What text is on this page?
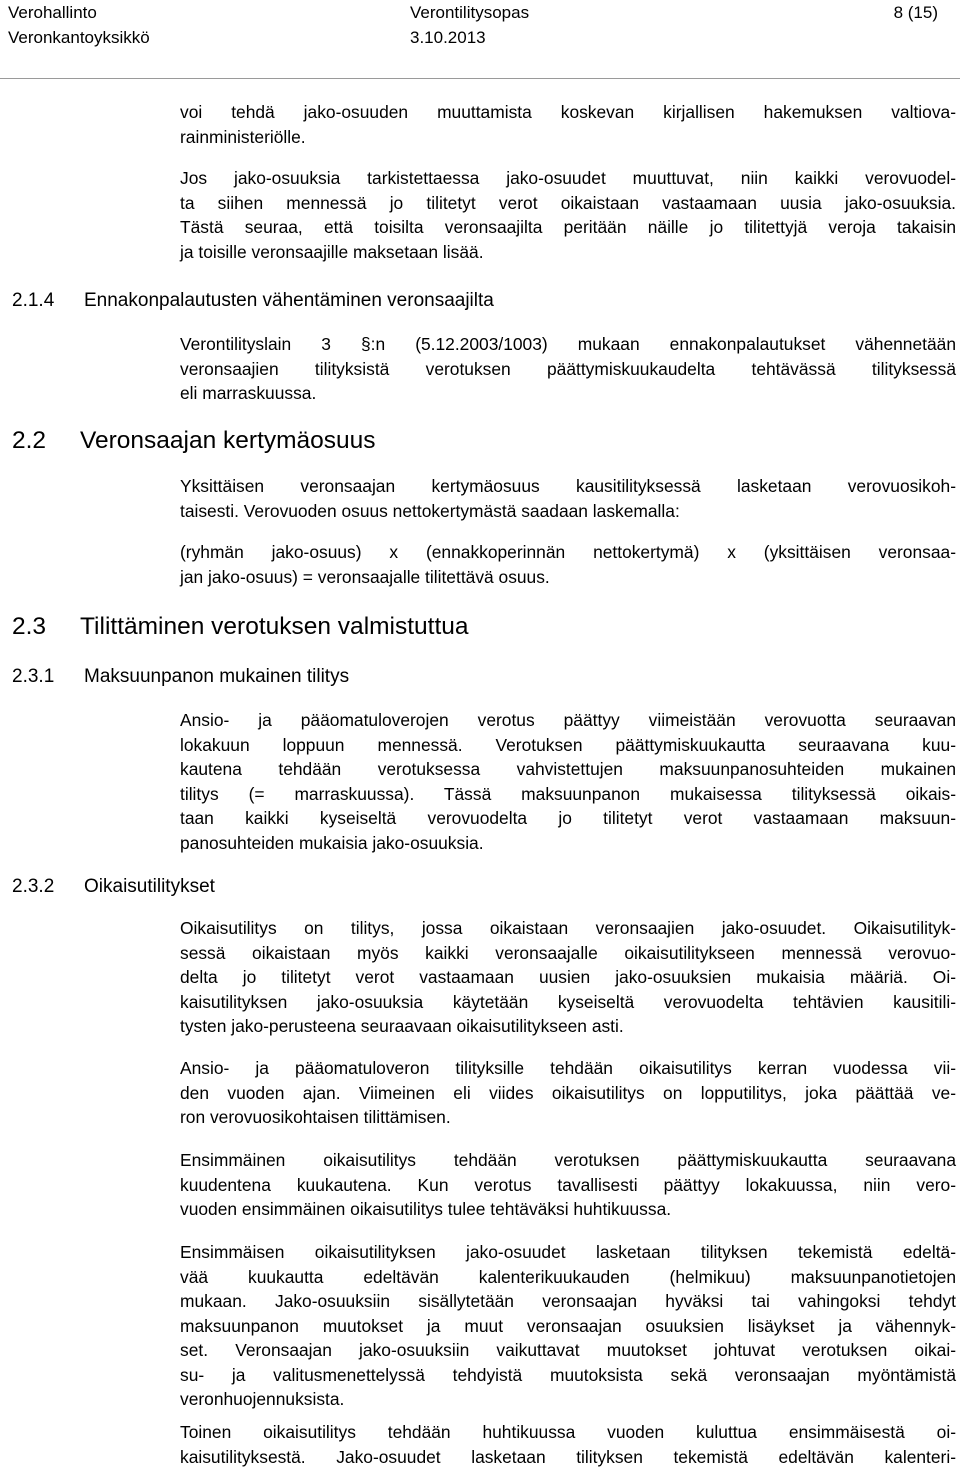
Verohallinto
Veronkantoyksikkö
Verontilitysopas
3.10.2013
8 (15)
voi tehdä jako-osuuden muuttamista koskevan kirjallisen hakemuksen valtiova-
rainministeriölle.
Jos jako-osuuksia tarkistettaessa jako-osuudet muuttuvat, niin kaikki verovuodel-
ta siihen mennessä jo tilitetyt verot oikaistaan vastaamaan uusia jako-osuuksia.
Tästä seuraa, että toisilta veronsaajilta peritään näille jo tilitettyjä veroja takaisin
ja toisille veronsaajille maksetaan lisää.
2.1.4 Ennakonpalautusten vähentäminen veronsaajilta
Verontilityslain 3 §:n (5.12.2003/1003) mukaan ennakonpalautukset vähennetään
veronsaajien tilityksistä verotuksen päättymiskuukaudelta tehtävässä tilityksessä
eli marraskuussa.
2.2 Veronsaajan kertymäosuus
Yksittäisen veronsaajan kertymäosuus kausitilityksessä lasketaan verovuosikoh-
taisesti. Verovuoden osuus nettokertymästä saadaan laskemalla:
(ryhmän jako-osuus) x (ennakkoperinnän nettokertymä) x (yksittäisen veronsaa-
jan jako-osuus) = veronsaajalle tilitettävä osuus.
2.3 Tilittäminen verotuksen valmistuttua
2.3.1 Maksuunpanon mukainen tilitys
Ansio- ja pääomatuloverojen verotus päättyy viimeistään verovuotta seuraavan
lokakuun loppuun mennessä. Verotuksen päättymiskuukautta seuraavana kuu-
kautena tehdään verotuksessa vahvistettujen maksuunpanosuhteiden mukainen
tilitys (= marraskuussa). Tässä maksuunpanon mukaisessa tilityksessä oikais-
taan kaikki kyseiseltä verovuodelta jo tilitetyt verot vastaamaan maksuun-
panosuhteiden mukaisia jako-osuuksia.
2.3.2 Oikaisutilitykset
Oikaisutilitys on tilitys, jossa oikaistaan veronsaajien jako-osuudet. Oikaisutilityk-
sessä oikaistaan myös kaikki veronsaajalle oikaisutilitykseen mennessä verovuo-
delta jo tilitetyt verot vastaamaan uusien jako-osuuksien mukaisia määriä. Oi-
kaisutilityksen jako-osuuksia käytetään kyseiseltä verovuodelta tehtävien kausitili-
tysten jako-perusteena seuraavaan oikaisutilitykseen asti.
Ansio- ja pääomatuloveron tilityksille tehdään oikaisutilitys kerran vuodessa vii-
den vuoden ajan. Viimeinen eli viides oikaisutilitys on lopputilitys, joka päättää ve-
ron verovuosikohtaisen tilittämisen.
Ensimmäinen oikaisutilitys tehdään verotuksen päättymiskuukautta seuraavana
kuudentena kuukautena. Kun verotus tavallisesti päättyy lokakuussa, niin vero-
vuoden ensimmäinen oikaisutilitys tulee tehtäväksi huhtikuussa.
Ensimmäisen oikaisutilityksen jako-osuudet lasketaan tilityksen tekemistä edeltä-
vää kuukautta edeltävän kalenterikuukauden (helmikuu) maksuunpanotietojen
mukaan. Jako-osuuksiin sisällytetään veronsaajan hyväksi tai vahingoksi tehdyt
maksuunpanon muutokset ja muut veronsaajan osuuksien lisäykset ja vähennyk-
set. Veronsaajan jako-osuuksiin vaikuttavat muutokset johtuvat verotuksen oikai-
su- ja valitusmenettelyssä tehdyistä muutoksista sekä veronsaajan myöntämistä
veronhuojennuksista.
Toinen oikaisutilitys tehdään huhtikuussa vuoden kuluttua ensimmäisestä oi-
kaisutilityksestä. Jako-osuudet lasketaan tilityksen tekemistä edeltävän kalenteri-
